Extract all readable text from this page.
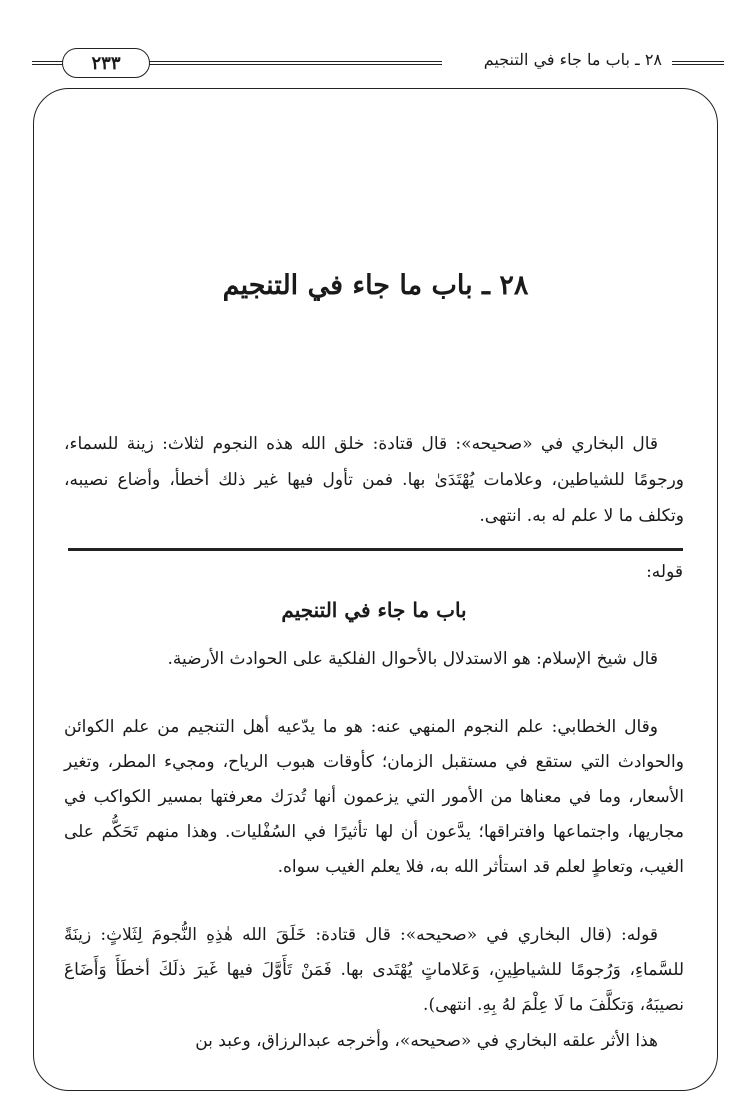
٢٣٣	٢٨ ـ باب ما جاء في التنجيم
٢٨ ـ باب ما جاء في التنجيم

قال البخاري في «صحيحه»: قال قتادة: خلق الله هذه النجوم لثلاث: زينة للسماء، ورجومًا للشياطين، وعلامات يُهْتَدَىٰ بها. فمن تأول فيها غير ذلك أخطأ، وأضاع نصيبه، وتكلف ما لا علم له به. انتهى.

قوله:

باب ما جاء في التنجيم

قال شيخ الإسلام: هو الاستدلال بالأحوال الفلكية على الحوادث الأرضية.

وقال الخطابي: علم النجوم المنهي عنه: هو ما يدّعيه أهل التنجيم من علم الكوائن والحوادث التي ستقع في مستقبل الزمان؛ كأوقات هبوب الرياح، ومجيء المطر، وتغير الأسعار، وما في معناها من الأمور التي يزعمون أنها تُدرَك معرفتها بمسير الكواكب في مجاريها، واجتماعها وافتراقها؛ يدَّعون أن لها تأثيرًا في السُفْليات. وهذا منهم تَحَكُّم على الغيب، وتعاطٍ لعلم قد استأثر الله به، فلا يعلم الغيب سواه.

قوله: (قال البخاري في «صحيحه»: قال قتادة: خَلَقَ الله هٰذِهِ النُّجومَ لِثَلاثٍ: زينَةً للسَّماءِ، وَرُجومًا للشياطِينِ، وَعَلاماتٍ يُهْتَدى بها. فَمَنْ تَأَوَّلَ فيها غَيرَ ذلَكَ أخطَأَ وَأَضَاعَ نصيبَهُ، وَتكلَّفَ ما لَا عِلْمَ لهُ بِهِ. انتهى).

هذا الأثر علقه البخاري في «صحيحه»، وأخرجه عبدالرزاق، وعبد بن
